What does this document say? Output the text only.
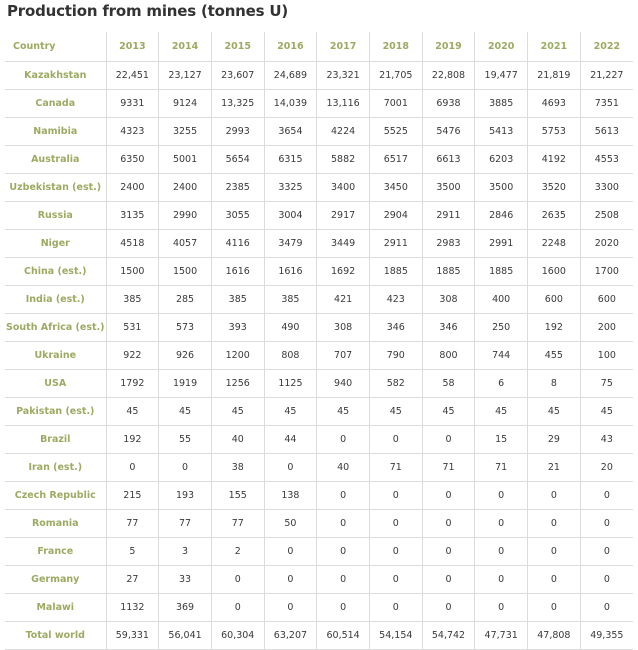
Production from mines (tonnes U)
Country	2013	2014	2015	2016	2017	2018	2019	2020	2021	2022
Kazakhstan	22,451	23,127	23,607	24,689	23,321	21,705	22,808	19,477	21,819	21,227
Canada	9331	9124	13,325	14,039	13,116	7001	6938	3885	4693	7351
Namibia	4323	3255	2993	3654	4224	5525	5476	5413	5753	5613
Australia	6350	5001	5654	6315	5882	6517	6613	6203	4192	4553
Uzbekistan (est.)	2400	2400	2385	3325	3400	3450	3500	3500	3520	3300
Russia	3135	2990	3055	3004	2917	2904	2911	2846	2635	2508
Niger	4518	4057	4116	3479	3449	2911	2983	2991	2248	2020
China (est.)	1500	1500	1616	1616	1692	1885	1885	1885	1600	1700
India (est.)	385	285	385	385	421	423	308	400	600	600
South Africa (est.)	531	573	393	490	308	346	346	250	192	200
Ukraine	922	926	1200	808	707	790	800	744	455	100
USA	1792	1919	1256	1125	940	582	58	6	8	75
Pakistan (est.)	45	45	45	45	45	45	45	45	45	45
Brazil	192	55	40	44	0	0	0	15	29	43
Iran (est.)	0	0	38	0	40	71	71	71	21	20
Czech Republic	215	193	155	138	0	0	0	0	0	0
Romania	77	77	77	50	0	0	0	0	0	0
France	5	3	2	0	0	0	0	0	0	0
Germany	27	33	0	0	0	0	0	0	0	0
Malawi	1132	369	0	0	0	0	0	0	0	0
Total world	59,331	56,041	60,304	63,207	60,514	54,154	54,742	47,731	47,808	49,355
